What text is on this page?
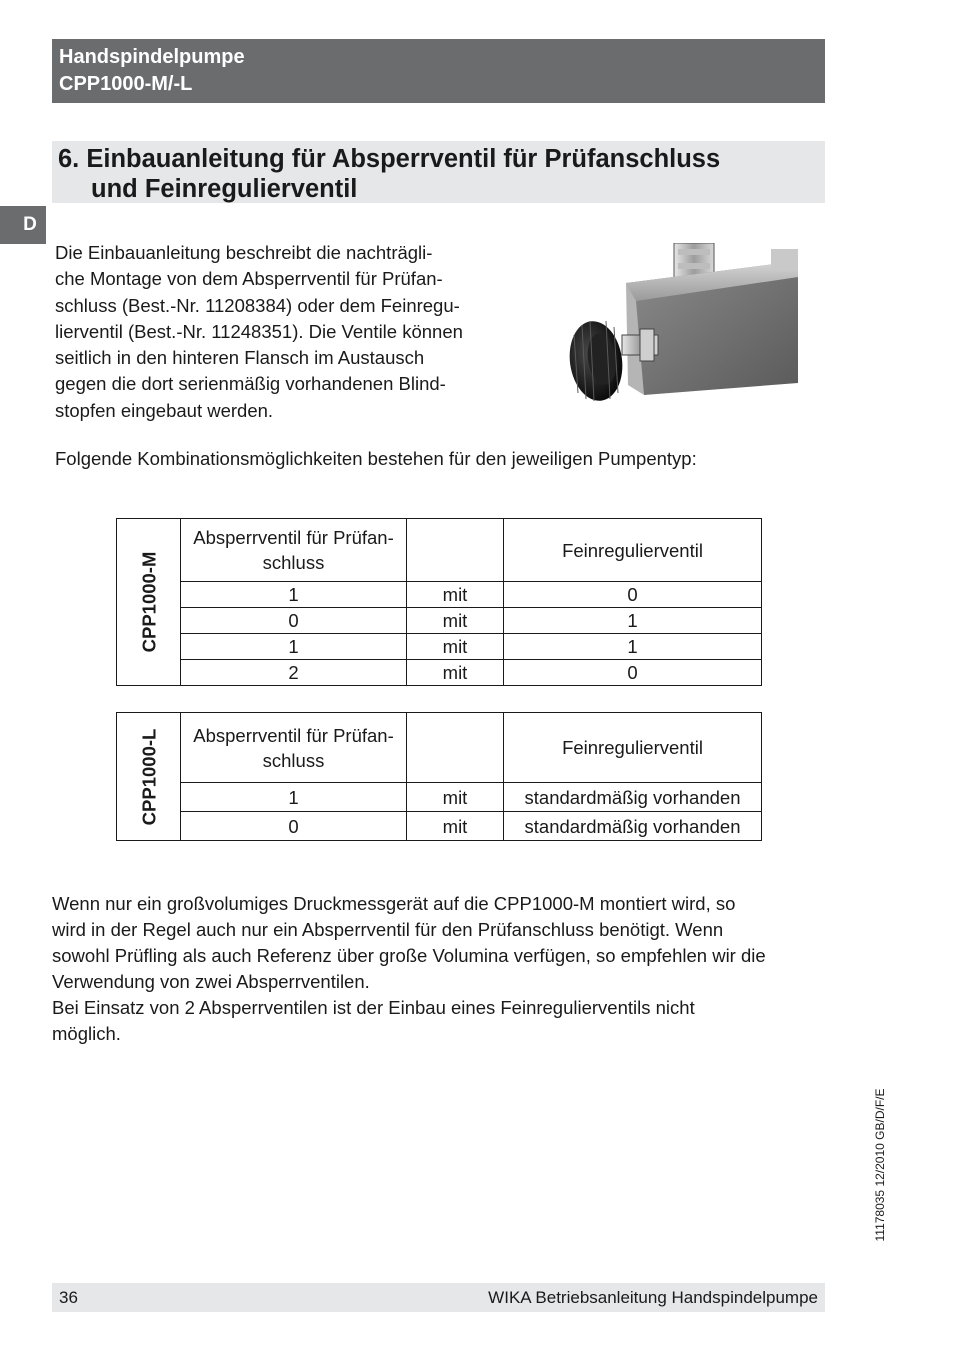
Handspindelpumpe
CPP1000-M/-L
6. Einbauanleitung für Absperrventil für Prüfanschluss
und Feinregulierventil
D

Die Einbauanleitung beschreibt die nachträgli-
che Montage von dem Absperrventil für Prüfan-
schluss (Best.-Nr. 11208384) oder dem Feinregu-
lierventil (Best.-Nr. 11248351). Die Ventile können
seitlich in den hinteren Flansch im Austausch
gegen die dort serienmäßig vorhandenen Blind-
stopfen eingebaut werden.

Folgende Kombinationsmöglichkeiten bestehen für den jeweiligen Pumpentyp:

CPP1000-M	Absperrventil für Prüfan-
schluss		Feinregulierventil
	1	mit	0
	0	mit	1
	1	mit	1
	2	mit	0
CPP1000-L	Absperrventil für Prüfan-
schluss		Feinregulierventil
	1	mit	standardmäßig vorhanden
	0	mit	standardmäßig vorhanden

Wenn nur ein großvolumiges Druckmessgerät auf die CPP1000-M montiert wird, so
wird in der Regel auch nur ein Absperrventil für den Prüfanschluss benötigt. Wenn
sowohl Prüfling als auch Referenz über große Volumina verfügen, so empfehlen wir die
Verwendung von zwei Absperrventilen.
Bei Einsatz von 2 Absperrventilen ist der Einbau eines Feinregulierventils nicht
möglich.

11178035 12/2010 GB/D/F/E
36	WIKA Betriebsanleitung Handspindelpumpe
